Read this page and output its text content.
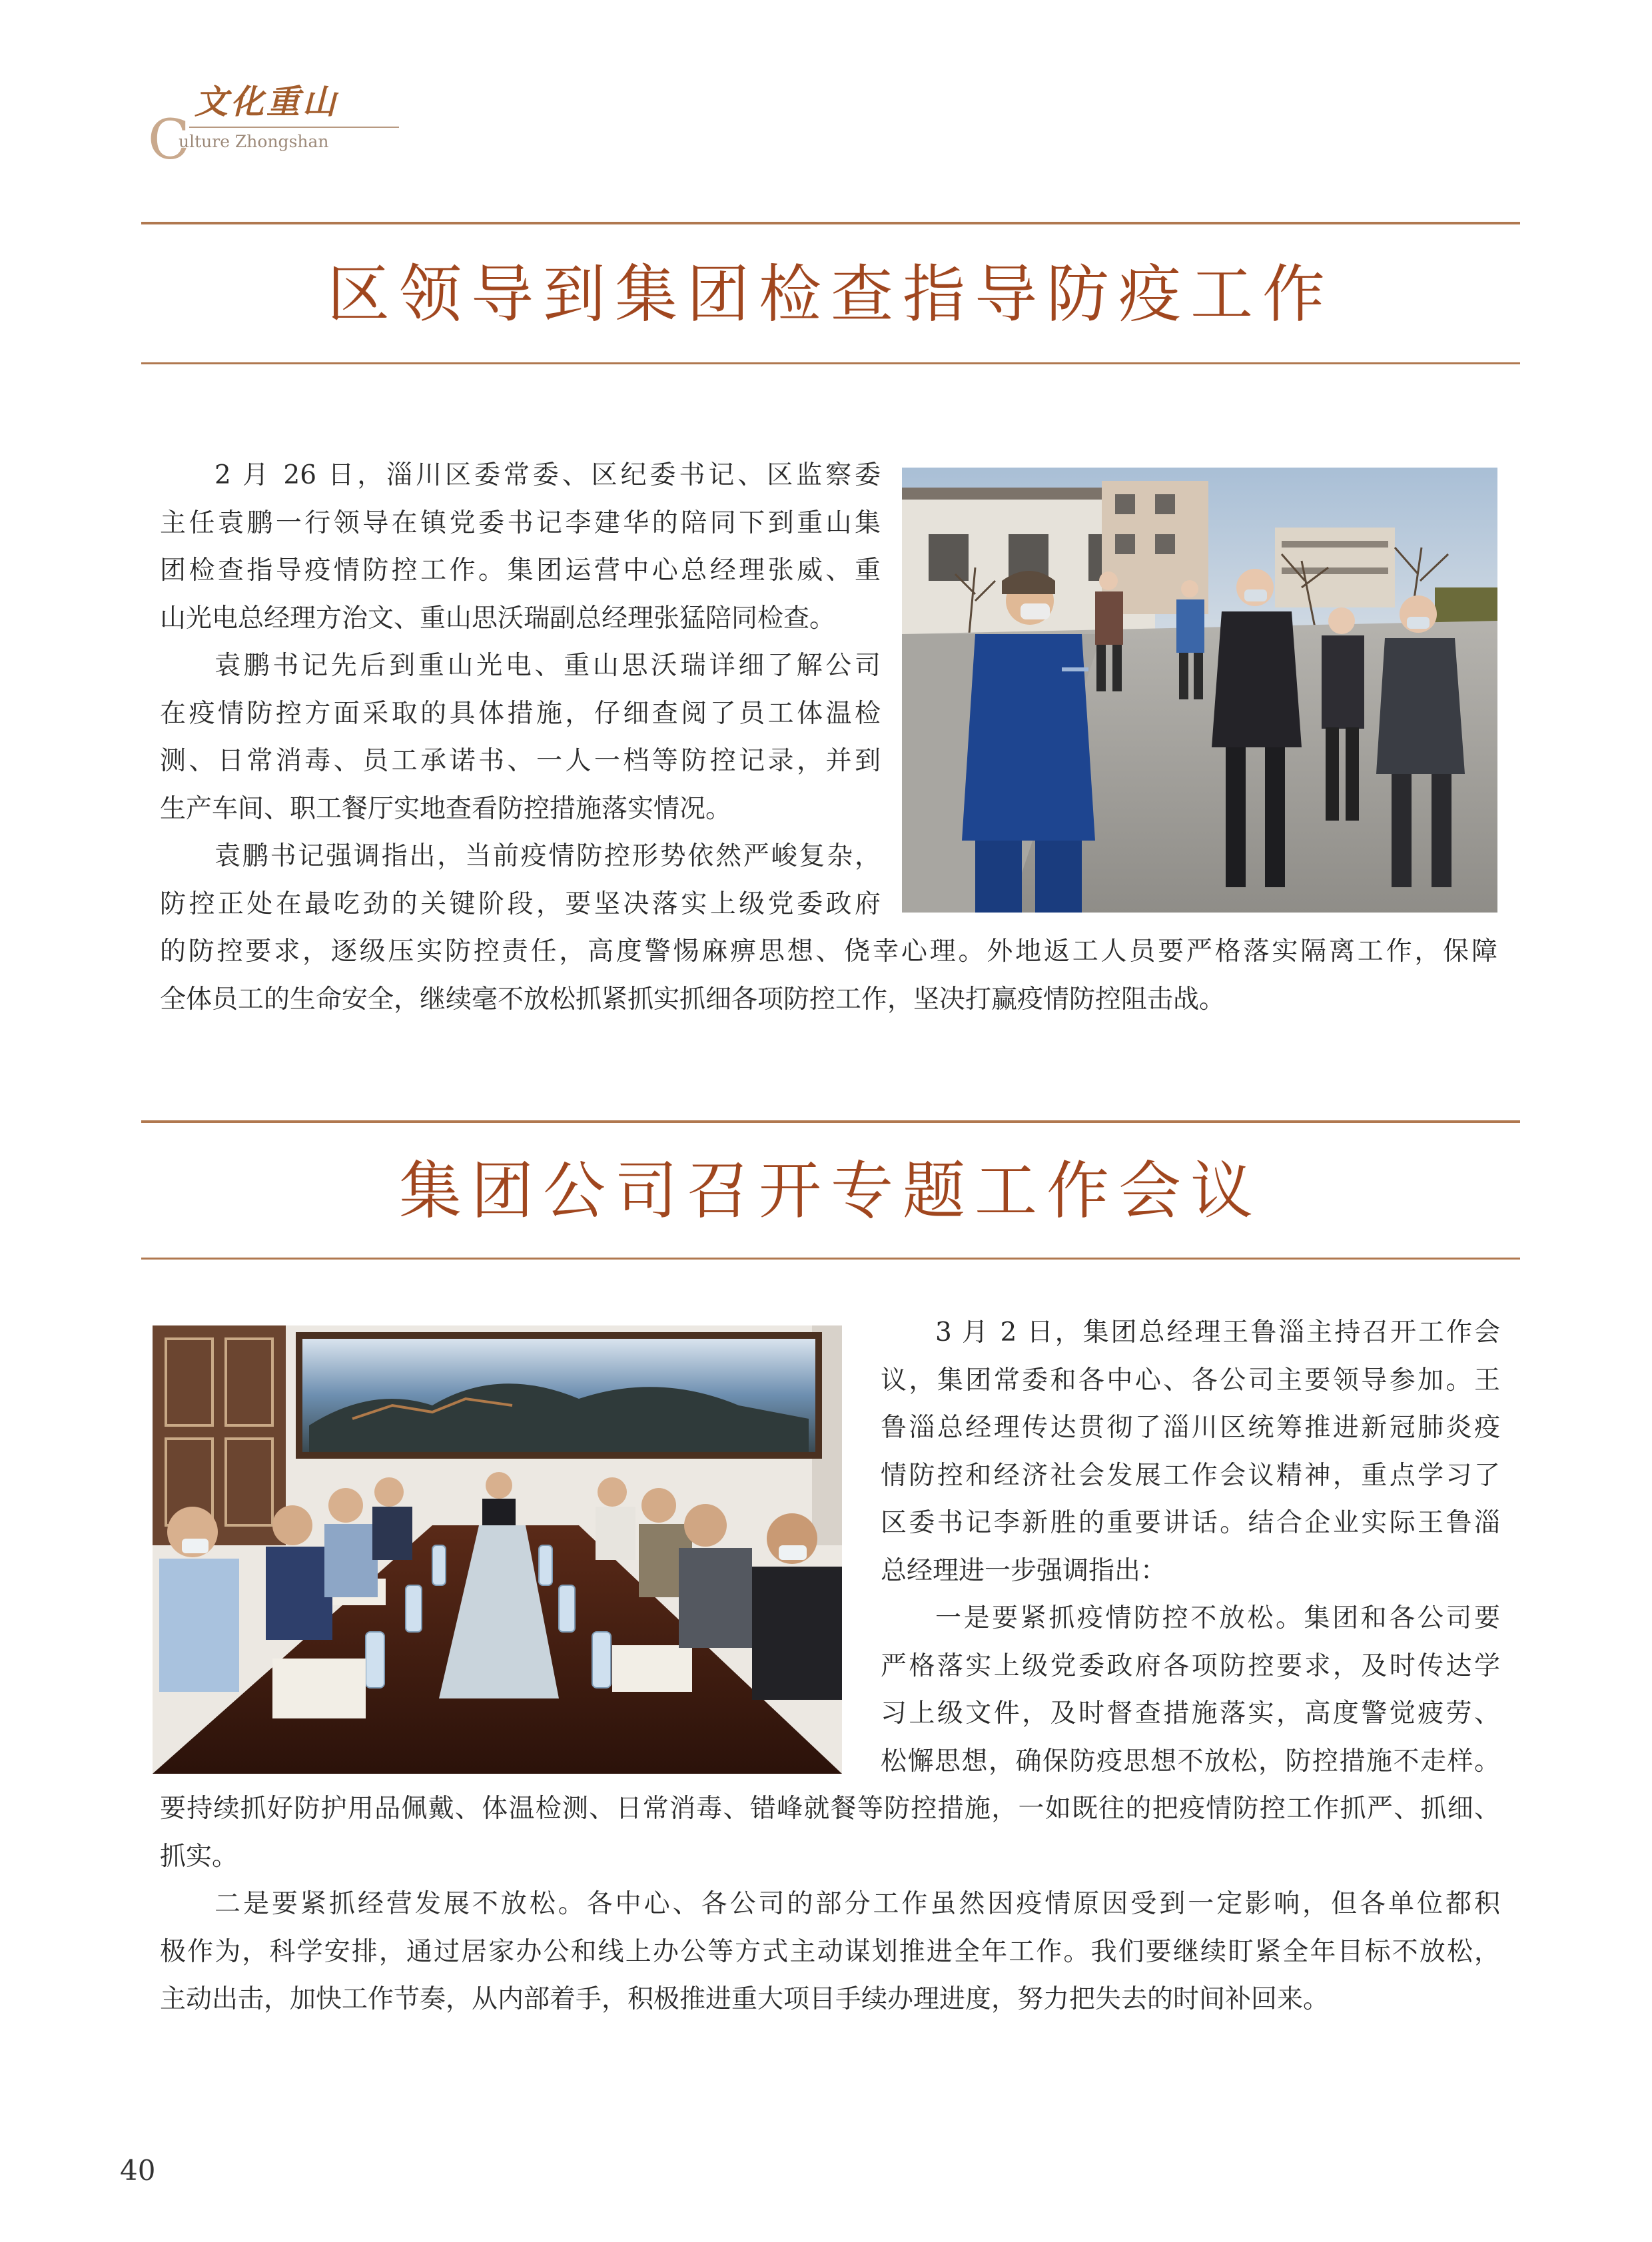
文化重山
C
ulture Zhongshan
区领导到集团检查指导防疫工作

2 月 26 日，淄川区委常委、区纪委书记、区监察委

主任袁鹏一行领导在镇党委书记李建华的陪同下到重山集

团检查指导疫情防控工作。集团运营中心总经理张威、重

山光电总经理方治文、重山思沃瑞副总经理张猛陪同检查。

袁鹏书记先后到重山光电、重山思沃瑞详细了解公司

在疫情防控方面采取的具体措施，仔细查阅了员工体温检

测、日常消毒、员工承诺书、一人一档等防控记录，并到

生产车间、职工餐厅实地查看防控措施落实情况。

袁鹏书记强调指出，当前疫情防控形势依然严峻复杂，

防控正处在最吃劲的关键阶段，要坚决落实上级党委政府

的防控要求，逐级压实防控责任，高度警惕麻痹思想、侥幸心理。外地返工人员要严格落实隔离工作，保障

全体员工的生命安全，继续毫不放松抓紧抓实抓细各项防控工作，坚决打赢疫情防控阻击战。

集团公司召开专题工作会议

3 月 2 日，集团总经理王鲁淄主持召开工作会

议，集团常委和各中心、各公司主要领导参加。王

鲁淄总经理传达贯彻了淄川区统筹推进新冠肺炎疫

情防控和经济社会发展工作会议精神，重点学习了

区委书记李新胜的重要讲话。结合企业实际王鲁淄

总经理进一步强调指出：

一是要紧抓疫情防控不放松。集团和各公司要

严格落实上级党委政府各项防控要求，及时传达学

习上级文件，及时督查措施落实，高度警觉疲劳、

松懈思想，确保防疫思想不放松，防控措施不走样。

要持续抓好防护用品佩戴、体温检测、日常消毒、错峰就餐等防控措施，一如既往的把疫情防控工作抓严、抓细、

抓实。

二是要紧抓经营发展不放松。各中心、各公司的部分工作虽然因疫情原因受到一定影响，但各单位都积

极作为，科学安排，通过居家办公和线上办公等方式主动谋划推进全年工作。我们要继续盯紧全年目标不放松，

主动出击，加快工作节奏，从内部着手，积极推进重大项目手续办理进度，努力把失去的时间补回来。

40
